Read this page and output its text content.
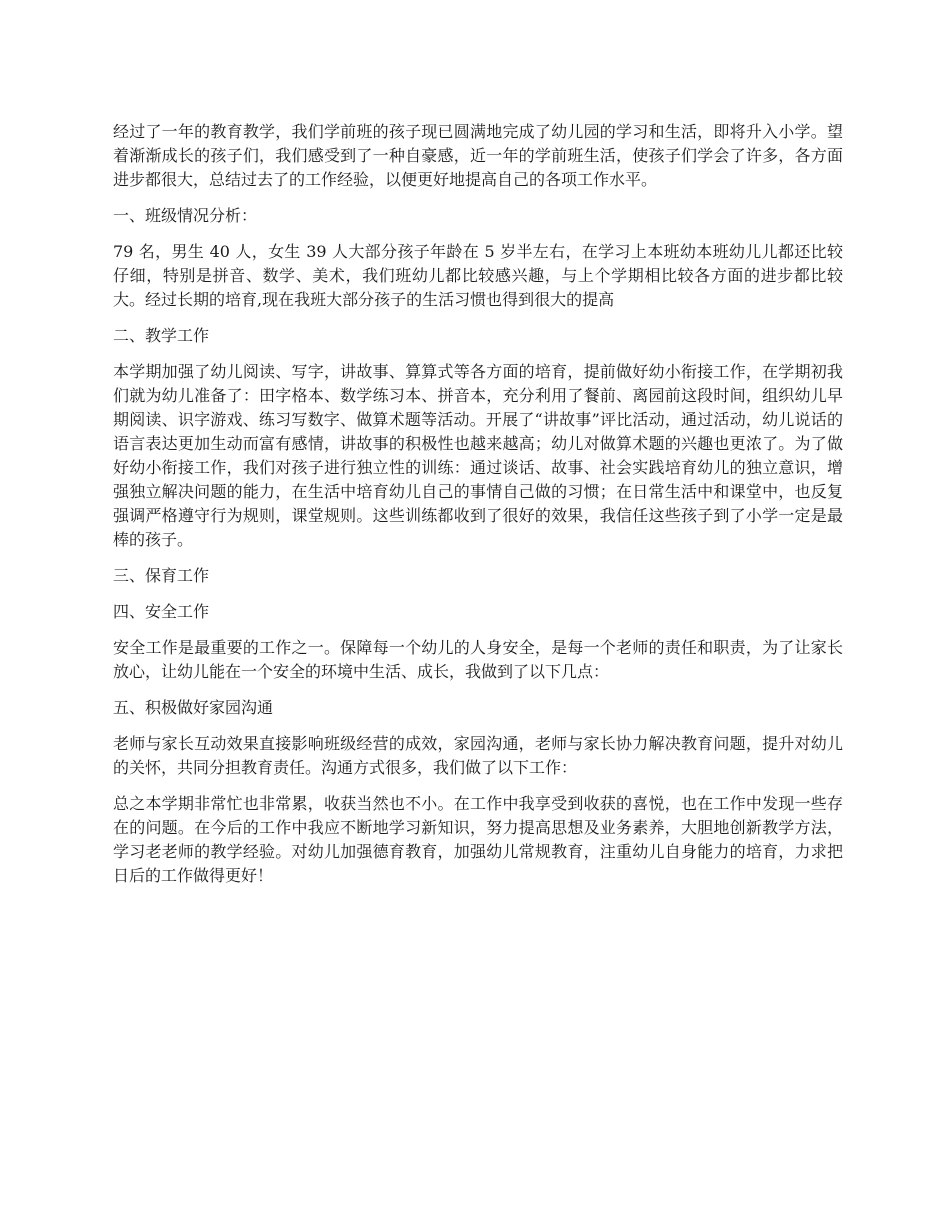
经过了一年的教育教学，我们学前班的孩子现已圆满地完成了幼儿园的学习和生活，即将升入小学。望着渐渐成长的孩子们，我们感受到了一种自豪感，近一年的学前班生活，使孩子们学会了许多，各方面进步都很大，总结过去了的工作经验，以便更好地提高自己的各项工作水平。

一、班级情况分析：

79 名，男生 40 人，女生 39 人大部分孩子年龄在 5 岁半左右，在学习上本班幼本班幼儿儿都还比较仔细，特别是拼音、数学、美术，我们班幼儿都比较感兴趣，与上个学期相比较各方面的进步都比较大。经过长期的培育,现在我班大部分孩子的生活习惯也得到很大的提高

二、教学工作

本学期加强了幼儿阅读、写字，讲故事、算算式等各方面的培育，提前做好幼小衔接工作，在学期初我们就为幼儿准备了：田字格本、数学练习本、拼音本，充分利用了餐前、离园前这段时间，组织幼儿早期阅读、识字游戏、练习写数字、做算术题等活动。开展了“讲故事”评比活动，通过活动，幼儿说话的语言表达更加生动而富有感情，讲故事的积极性也越来越高；幼儿对做算术题的兴趣也更浓了。为了做好幼小衔接工作，我们对孩子进行独立性的训练：通过谈话、故事、社会实践培育幼儿的独立意识，增强独立解决问题的能力，在生活中培育幼儿自己的事情自己做的习惯；在日常生活中和课堂中，也反复强调严格遵守行为规则，课堂规则。这些训练都收到了很好的效果，我信任这些孩子到了小学一定是最棒的孩子。

三、保育工作

四、安全工作

安全工作是最重要的工作之一。保障每一个幼儿的人身安全，是每一个老师的责任和职责，为了让家长放心，让幼儿能在一个安全的环境中生活、成长，我做到了以下几点：

五、积极做好家园沟通

老师与家长互动效果直接影响班级经营的成效，家园沟通，老师与家长协力解决教育问题，提升对幼儿的关怀，共同分担教育责任。沟通方式很多，我们做了以下工作：

总之本学期非常忙也非常累，收获当然也不小。在工作中我享受到收获的喜悦，也在工作中发现一些存在的问题。在今后的工作中我应不断地学习新知识，努力提高思想及业务素养，大胆地创新教学方法，学习老老师的教学经验。对幼儿加强德育教育，加强幼儿常规教育，注重幼儿自身能力的培育，力求把日后的工作做得更好！
